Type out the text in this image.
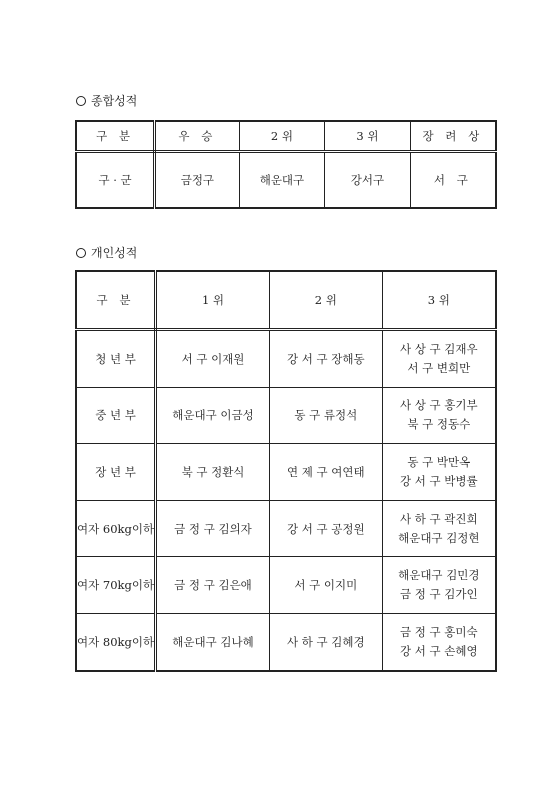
종합성적
구 분	우 승	2 위	3 위	장 려 상
구 · 군	금정구	해운대구	강서구	서 구
개인성적
구 분	1 위	2 위	3 위
청 년 부	서 구 이재원	강 서 구 장해동	사 상 구 김재우
서 구 변희만

중 년 부	해운대구 이금성	동 구 류정석	사 상 구 홍기부
북 구 정동수

장 년 부	북 구 정환식	연 제 구 여연태	동 구 박만옥
강 서 구 박병률

여자 60kg이하	금 정 구 김의자	강 서 구 공정원	사 하 구 곽진희
해운대구 김정현

여자 70kg이하	금 정 구 김은애	서 구 이지미	해운대구 김민경
금 정 구 김가인

여자 80kg이하	해운대구 김나혜	사 하 구 김혜경	금 정 구 홍미숙
강 서 구 손혜영
